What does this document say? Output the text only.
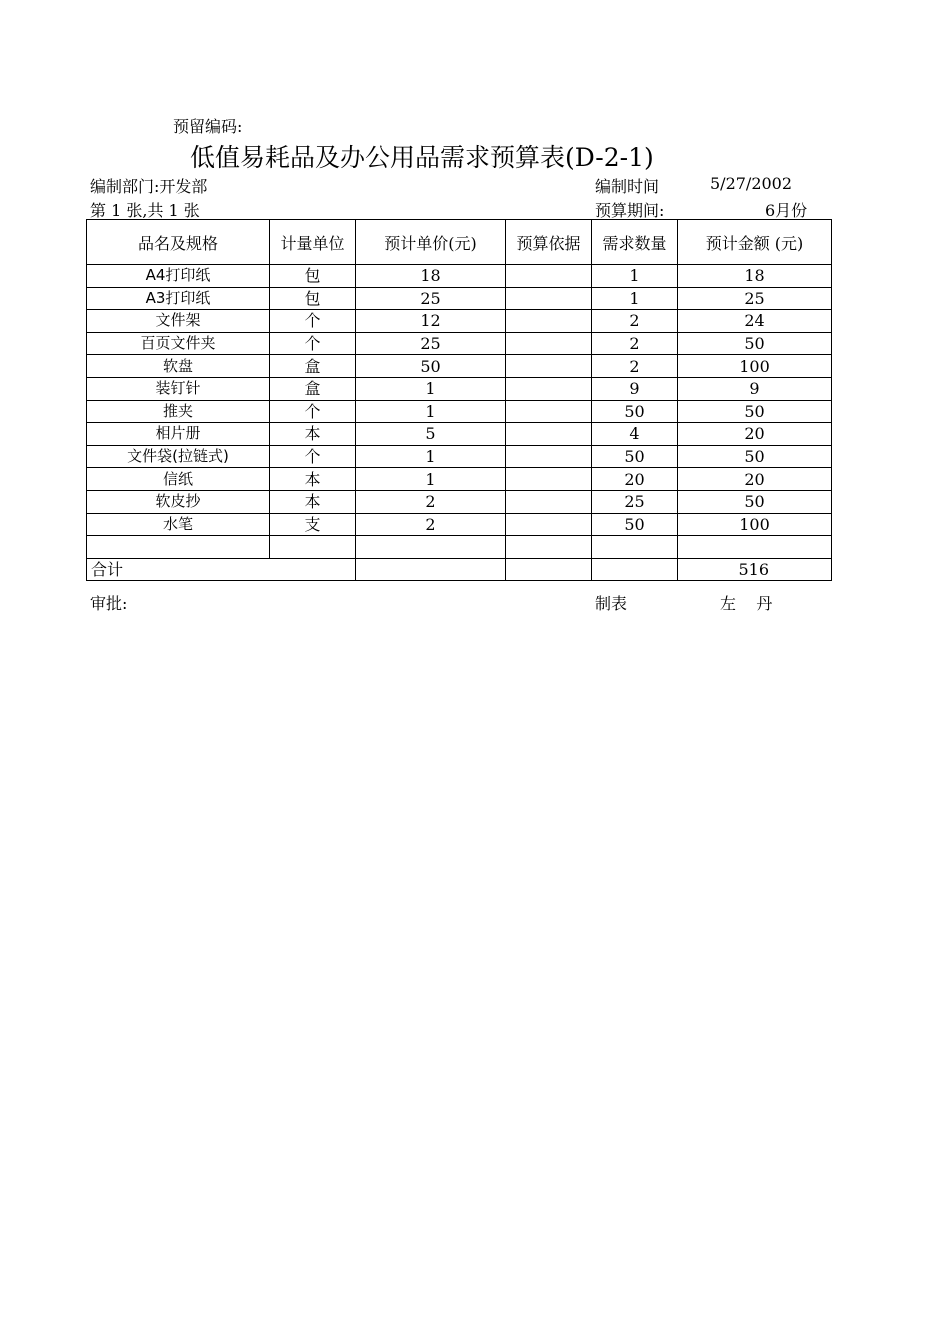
预留编码:
低值易耗品及办公用品需求预算表(D-2-1)
编制部门:开发部	编制时间	5/27/2002
第 1 张,共 1 张	预算期间:	6月份
品名及规格	计量单位	预计单价(元)	预算依据	需求数量	预计金额 (元)
A4打印纸	包	18		1	18
A3打印纸	包	25		1	25
文件架	个	12		2	24
百页文件夹	个	25		2	50
软盘	盒	50		2	100
装钉针	盒	1		9	9
推夹	个	1		50	50
相片册	本	5		4	20
文件袋(拉链式)	个	1		50	50
信纸	本	1		20	20
软皮抄	本	2		25	50
水笔	支	2		50	100

合计					516
审批:	制表	左    丹
